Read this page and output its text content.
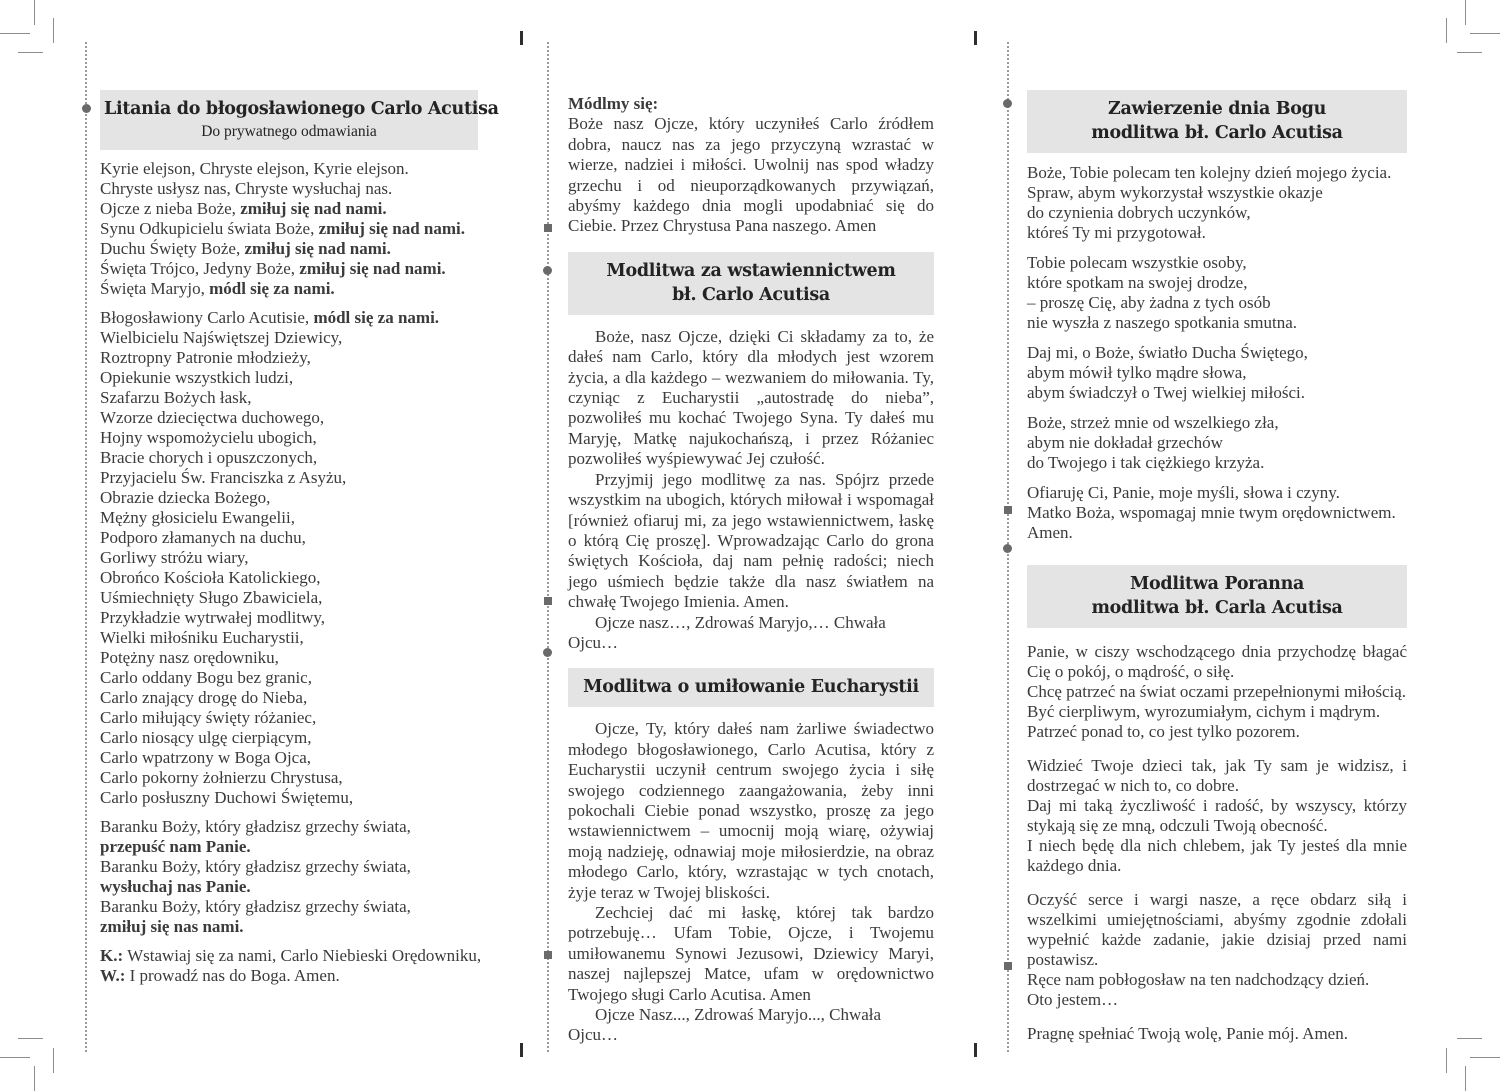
Litania do błogosławionego Carlo Acutisa
Do prywatnego odmawiania
Kyrie elejson, Chryste elejson, Kyrie elejson.
Chryste usłysz nas, Chryste wysłuchaj nas.
Ojcze z nieba Boże, zmiłuj się nad nami.
Synu Odkupicielu świata Boże, zmiłuj się nad nami.
Duchu Święty Boże, zmiłuj się nad nami.
Święta Trójco, Jedyny Boże, zmiłuj się nad nami.
Święta Maryjo, módl się za nami.
Błogosławiony Carlo Acutisie, módl się za nami.
Wielbicielu Najświętszej Dziewicy,
Roztropny Patronie młodzieży,
Opiekunie wszystkich ludzi,
Szafarzu Bożych łask,
Wzorze dziecięctwa duchowego,
Hojny wspomożycielu ubogich,
Bracie chorych i opuszczonych,
Przyjacielu Św. Franciszka z Asyżu,
Obrazie dziecka Bożego,
Mężny głosicielu Ewangelii,
Podporo złamanych na duchu,
Gorliwy stróżu wiary,
Obrońco Kościoła Katolickiego,
Uśmiechnięty Sługo Zbawiciela,
Przykładzie wytrwałej modlitwy,
Wielki miłośniku Eucharystii,
Potężny nasz orędowniku,
Carlo oddany Bogu bez granic,
Carlo znający drogę do Nieba,
Carlo miłujący święty różaniec,
Carlo niosący ulgę cierpiącym,
Carlo wpatrzony w Boga Ojca,
Carlo pokorny żołnierzu Chrystusa,
Carlo posłuszny Duchowi Świętemu,
Baranku Boży, który gładzisz grzechy świata,
przepuść nam Panie.
Baranku Boży, który gładzisz grzechy świata,
wysłuchaj nas Panie.
Baranku Boży, który gładzisz grzechy świata,
zmiłuj się nas nami.
K.: Wstawiaj się za nami, Carlo Niebieski Orędowniku,
W.: I prowadź nas do Boga. Amen.
Módlmy się:

Boże nasz Ojcze, który uczyniłeś Carlo źródłem dobra, naucz nas za jego przyczyną wzrastać w wierze, nadziei i miłości. Uwolnij nas spod władzy grzechu i od nieuporządkowanych przywiązań, abyśmy każdego dnia mogli upodabniać się do Ciebie. Przez Chrystusa Pana naszego. Amen

Modlitwa za wstawiennictwem
bł. Carlo Acutisa

Boże, nasz Ojcze, dzięki Ci składamy za to, że dałeś nam Carlo, który dla młodych jest wzorem życia, a dla każdego – wezwaniem do miłowania. Ty, czyniąc z Eucharystii „autostradę do nieba”, pozwoliłeś mu kochać Twojego Syna. Ty dałeś mu Maryję, Matkę najukochańszą, i przez Różaniec pozwoliłeś wyśpiewywać Jej czułość.

Przyjmij jego modlitwę za nas. Spójrz przede wszystkim na ubogich, których miłował i wspomagał [również ofiaruj mi, za jego wstawiennictwem, łaskę o którą Cię proszę]. Wprowadzając Carlo do grona świętych Kościoła, daj nam pełnię radości; niech jego uśmiech będzie także dla nasz światłem na chwałę Twojego Imienia. Amen.

Ojcze nasz…, Zdrowaś Maryjo,… Chwała Ojcu…

Modlitwa o umiłowanie Eucharystii

Ojcze, Ty, który dałeś nam żarliwe świadectwo młodego błogosławionego, Carlo Acutisa, który z Eucharystii uczynił centrum swojego życia i siłę swojego codziennego zaangażowania, żeby inni pokochali Ciebie ponad wszystko, proszę za jego wstawiennictwem – umocnij moją wiarę, ożywiaj moją nadzieję, odnawiaj moje miłosierdzie, na obraz młodego Carlo, który, wzrastając w tych cnotach, żyje teraz w Twojej bliskości.

Zechciej dać mi łaskę, której tak bardzo potrzebuję… Ufam Tobie, Ojcze, i Twojemu umiłowanemu Synowi Jezusowi, Dziewicy Maryi, naszej najlepszej Matce, ufam w orędownictwo Twojego sługi Carlo Acutisa. Amen

Ojcze Nasz..., Zdrowaś Maryjo..., Chwała Ojcu…

Zawierzenie dnia Bogu
modlitwa bł. Carlo Acutisa
Boże, Tobie polecam ten kolejny dzień mojego życia.
Spraw, abym wykorzystał wszystkie okazje
do czynienia dobrych uczynków,
któreś Ty mi przygotował.
Tobie polecam wszystkie osoby,
które spotkam na swojej drodze,
– proszę Cię, aby żadna z tych osób
nie wyszła z naszego spotkania smutna.
Daj mi, o Boże, światło Ducha Świętego,
abym mówił tylko mądre słowa,
abym świadczył o Twej wielkiej miłości.
Boże, strzeż mnie od wszelkiego zła,
abym nie dokładał grzechów
do Twojego i tak ciężkiego krzyża.
Ofiaruję Ci, Panie, moje myśli, słowa i czyny.
Matko Boża, wspomagaj mnie twym orędownictwem.
Amen.
Modlitwa Poranna
modlitwa bł. Carla Acutisa
Panie, w ciszy wschodzącego dnia przychodzę błagać Cię o pokój, o mądrość, o siłę.
Chcę patrzeć na świat oczami przepełnionymi miłością.
Być cierpliwym, wyrozumiałym, cichym i mądrym.
Patrzeć ponad to, co jest tylko pozorem.
Widzieć Twoje dzieci tak, jak Ty sam je widzisz, i dostrzegać w nich to, co dobre.
Daj mi taką życzliwość i radość, by wszyscy, którzy stykają się ze mną, odczuli Twoją obecność.
I niech będę dla nich chlebem, jak Ty jesteś dla mnie każdego dnia.
Oczyść serce i wargi nasze, a ręce obdarz siłą i wszelkimi umiejętnościami, abyśmy zgodnie zdołali wypełnić każde zadanie, jakie dzisiaj przed nami postawisz.
Ręce nam pobłogosław na ten nadchodzący dzień.
Oto jestem…
Pragnę spełniać Twoją wolę, Panie mój. Amen.
